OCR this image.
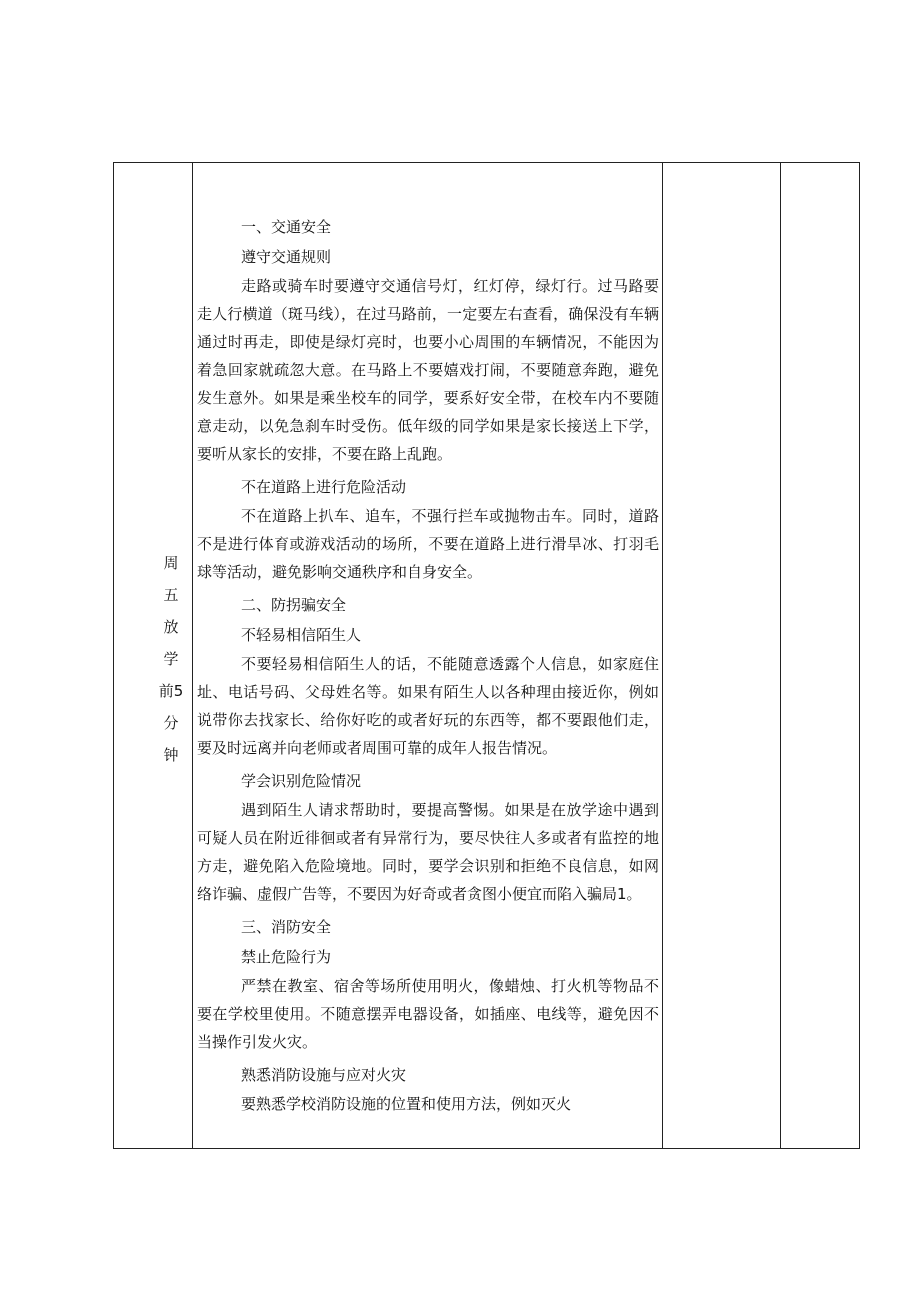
周
五
放
学
前5
分
钟
一、交通安全
遵守交通规则
走路或骑车时要遵守交通信号灯，红灯停，绿灯行。过马路要走人行横道（斑马线），在过马路前，一定要左右查看，确保没有车辆通过时再走，即使是绿灯亮时，也要小心周围的车辆情况，不能因为着急回家就疏忽大意。在马路上不要嬉戏打闹，不要随意奔跑，避免发生意外。如果是乘坐校车的同学，要系好安全带，在校车内不要随意走动，以免急刹车时受伤。低年级的同学如果是家长接送上下学，要听从家长的安排，不要在路上乱跑。
不在道路上进行危险活动
不在道路上扒车、追车，不强行拦车或抛物击车。同时，道路不是进行体育或游戏活动的场所，不要在道路上进行滑旱冰、打羽毛球等活动，避免影响交通秩序和自身安全。
二、防拐骗安全
不轻易相信陌生人
不要轻易相信陌生人的话，不能随意透露个人信息，如家庭住址、电话号码、父母姓名等。如果有陌生人以各种理由接近你，例如说带你去找家长、给你好吃的或者好玩的东西等，都不要跟他们走，要及时远离并向老师或者周围可靠的成年人报告情况。
学会识别危险情况
遇到陌生人请求帮助时，要提高警惕。如果是在放学途中遇到可疑人员在附近徘徊或者有异常行为，要尽快往人多或者有监控的地方走，避免陷入危险境地。同时，要学会识别和拒绝不良信息，如网络诈骗、虚假广告等，不要因为好奇或者贪图小便宜而陷入骗局1。
三、消防安全
禁止危险行为
严禁在教室、宿舍等场所使用明火，像蜡烛、打火机等物品不要在学校里使用。不随意摆弄电器设备，如插座、电线等，避免因不当操作引发火灾。
熟悉消防设施与应对火灾
要熟悉学校消防设施的位置和使用方法，例如灭火
